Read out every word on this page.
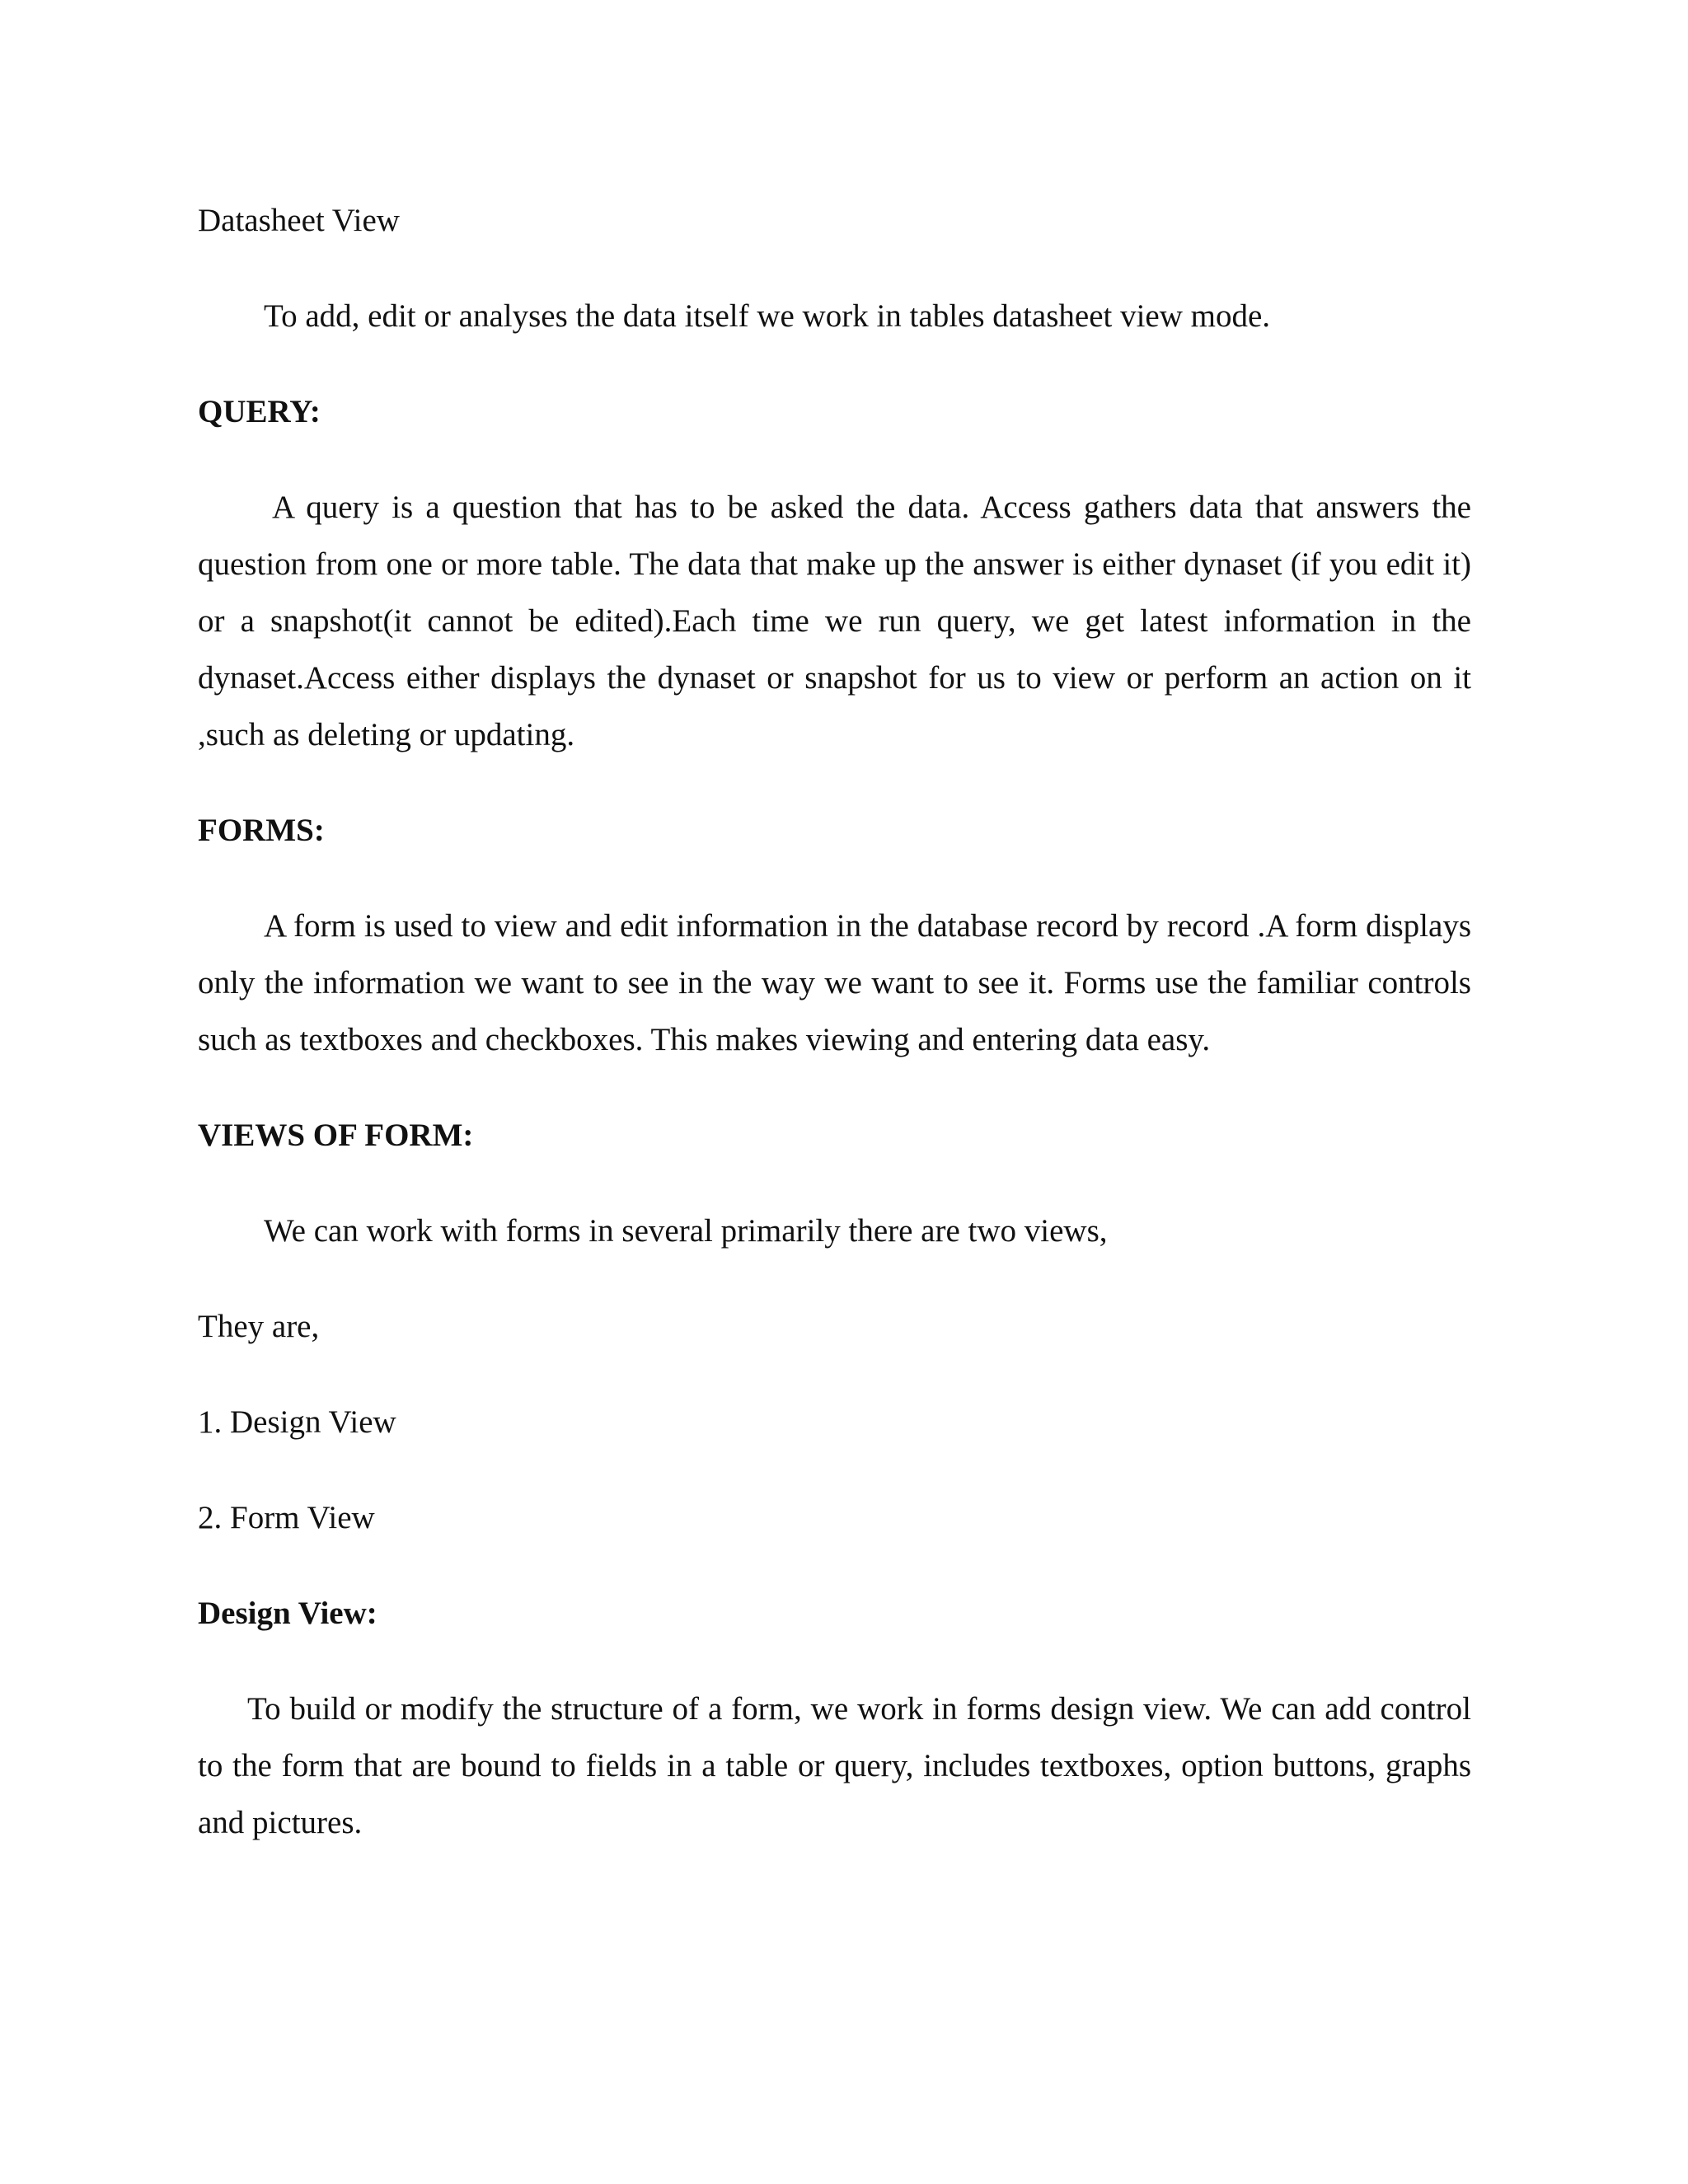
Datasheet View

To add, edit or analyses the data itself we work in tables datasheet view mode.

QUERY:

A query is a question that has to be asked the data. Access gathers data that answers the question from one or more table. The data that make up the answer is either dynaset (if you edit it) or a snapshot(it cannot be edited).Each time we run query, we get latest information in the dynaset.Access either displays the dynaset or snapshot for us to view or perform an action on it ,such as deleting or updating.

FORMS:

A form is used to view and edit information in the database record by record .A form displays only the information we want to see in the way we want to see it. Forms use the familiar controls such as textboxes and checkboxes. This makes viewing and entering data easy.

VIEWS OF FORM:

We can work with forms in several primarily there are two views,

They are,

1. Design View

2. Form View

Design View:

To build or modify the structure of a form, we work in forms design view. We can add control to the form that are bound to fields in a table or query, includes textboxes, option buttons, graphs and pictures.
